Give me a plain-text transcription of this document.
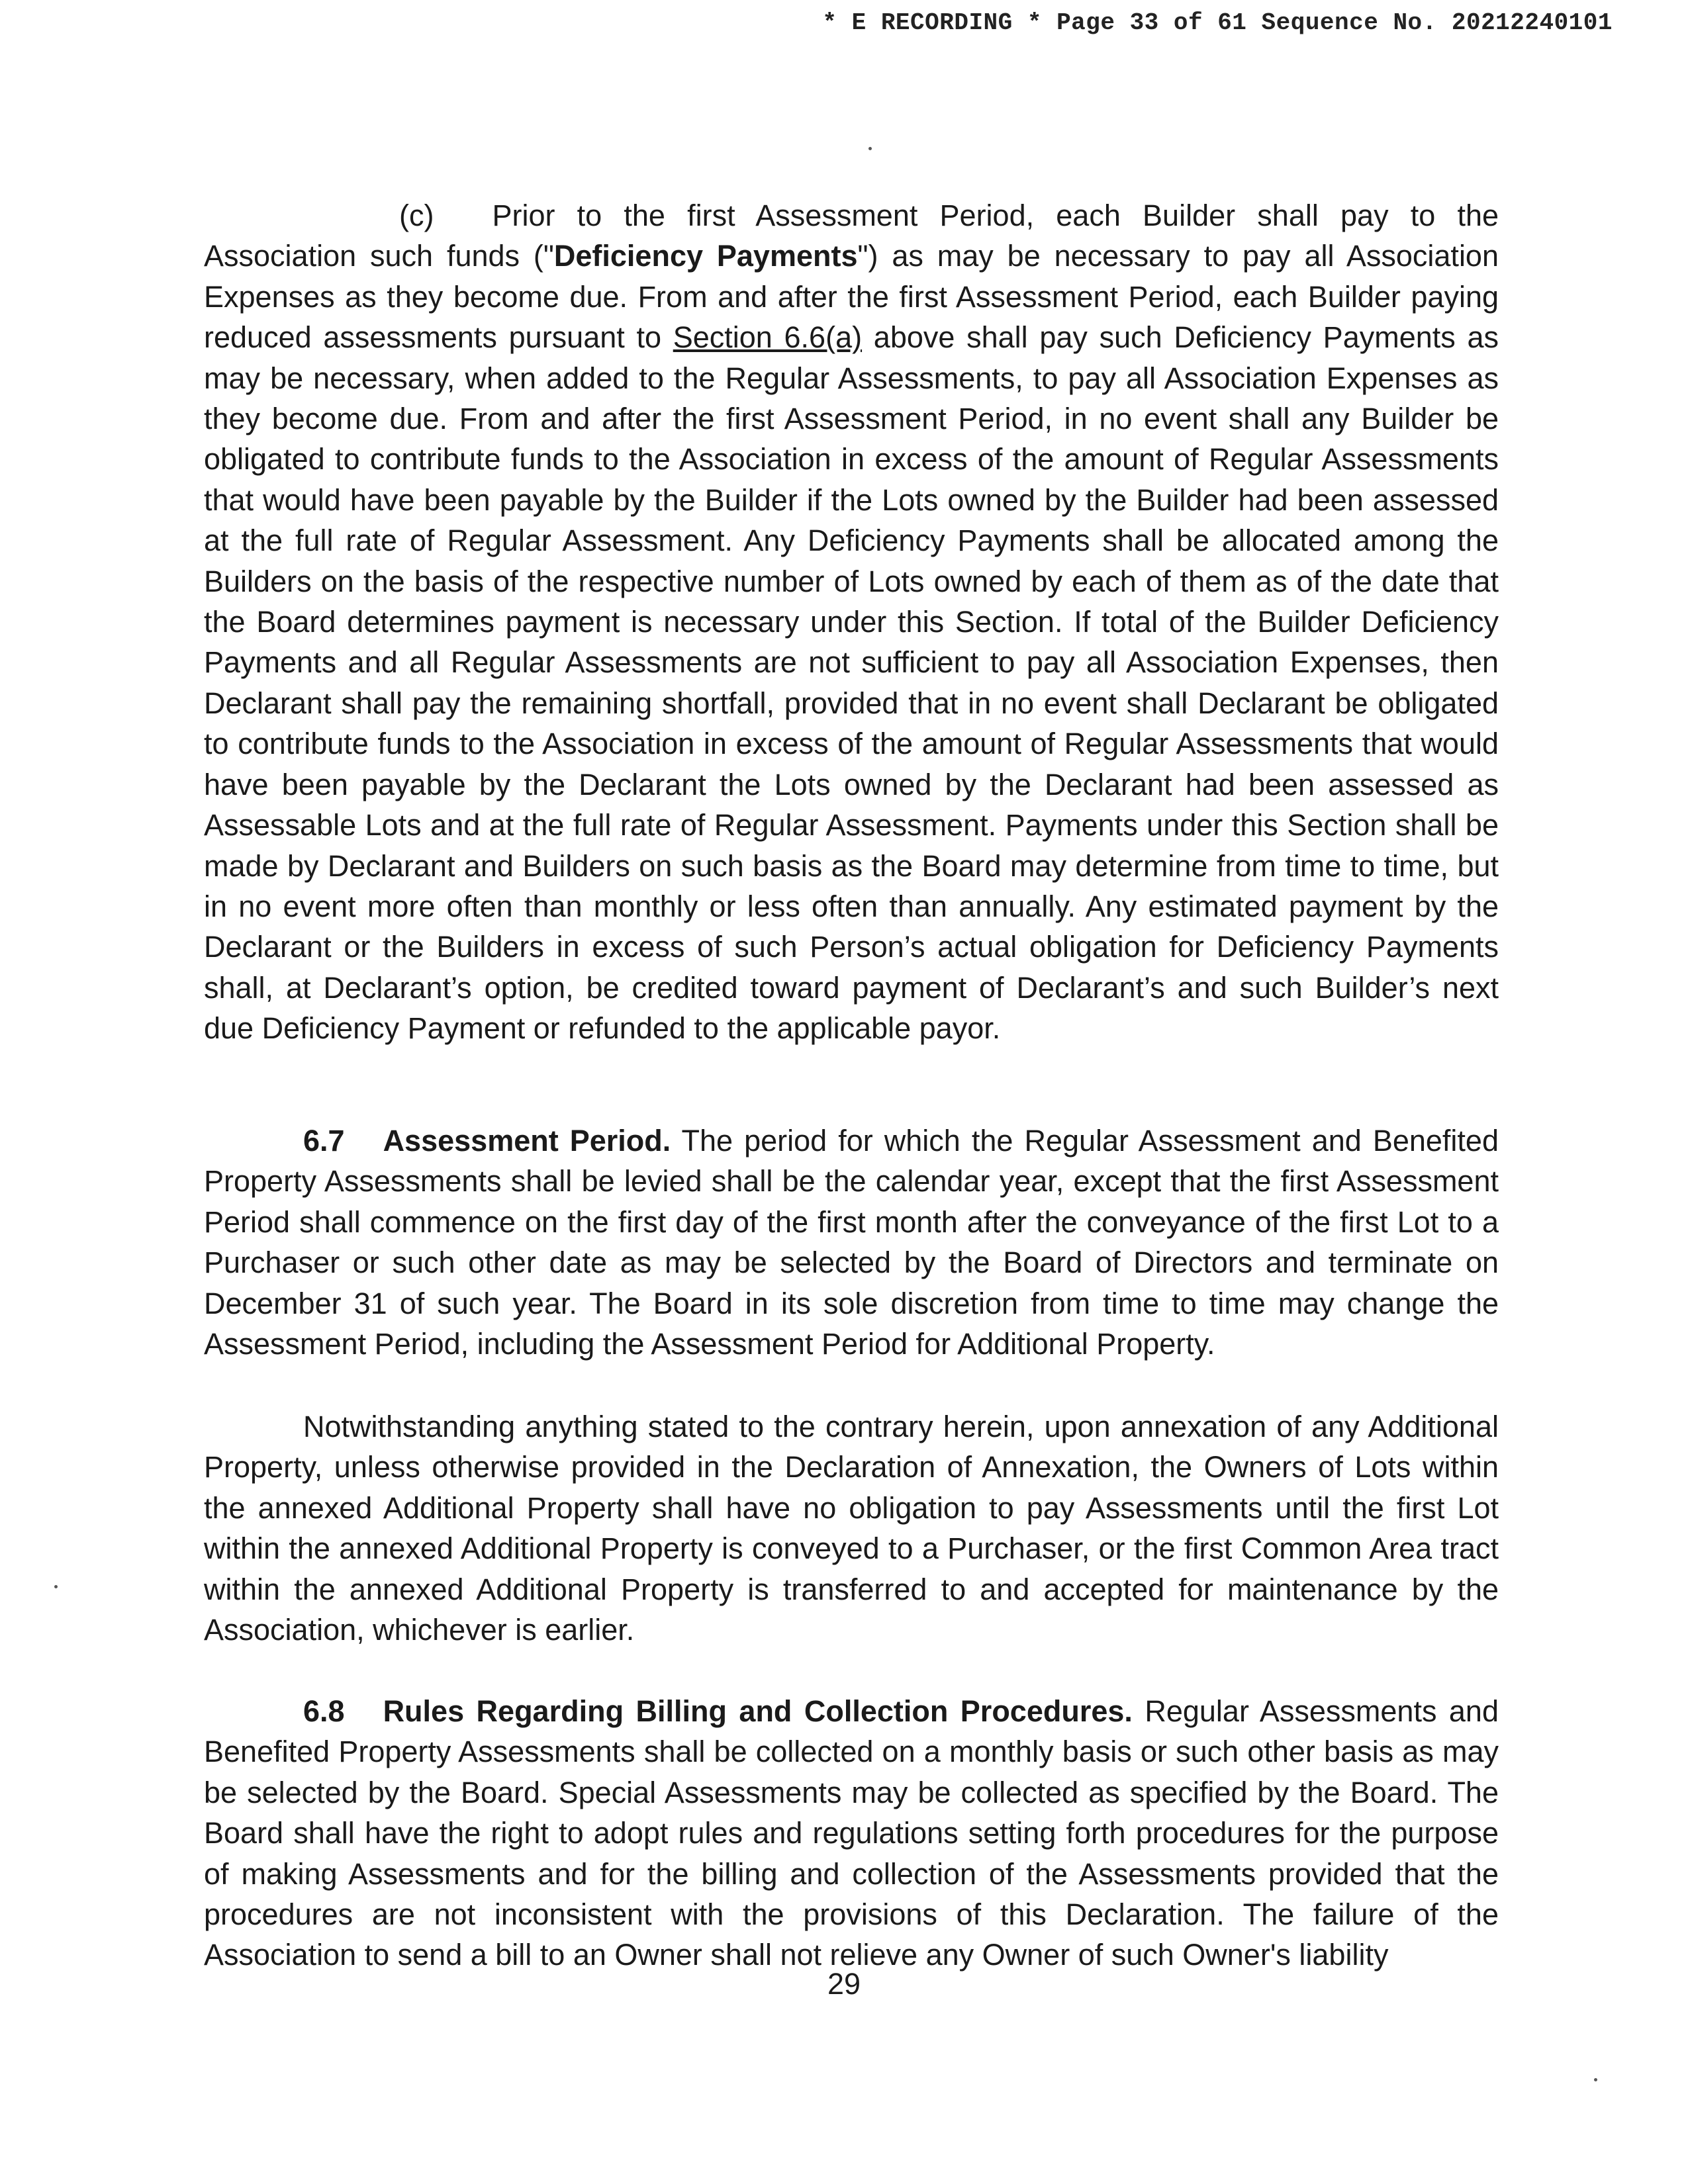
* E RECORDING * Page 33 of 61 Sequence No. 20212240101

(c) Prior to the first Assessment Period, each Builder shall pay to the Association such funds ("Deficiency Payments") as may be necessary to pay all Association Expenses as they become due. From and after the first Assessment Period, each Builder paying reduced assessments pursuant to Section 6.6(a) above shall pay such Deficiency Payments as may be necessary, when added to the Regular Assessments, to pay all Association Expenses as they become due. From and after the first Assessment Period, in no event shall any Builder be obligated to contribute funds to the Association in excess of the amount of Regular Assessments that would have been payable by the Builder if the Lots owned by the Builder had been assessed at the full rate of Regular Assessment. Any Deficiency Payments shall be allocated among the Builders on the basis of the respective number of Lots owned by each of them as of the date that the Board determines payment is necessary under this Section. If total of the Builder Deficiency Payments and all Regular Assessments are not sufficient to pay all Association Expenses, then Declarant shall pay the remaining shortfall, provided that in no event shall Declarant be obligated to contribute funds to the Association in excess of the amount of Regular Assessments that would have been payable by the Declarant the Lots owned by the Declarant had been assessed as Assessable Lots and at the full rate of Regular Assessment. Payments under this Section shall be made by Declarant and Builders on such basis as the Board may determine from time to time, but in no event more often than monthly or less often than annually. Any estimated payment by the Declarant or the Builders in excess of such Person’s actual obligation for Deficiency Payments shall, at Declarant’s option, be credited toward payment of Declarant’s and such Builder’s next due Deficiency Payment or refunded to the applicable payor.

6.7 Assessment Period. The period for which the Regular Assessment and Benefited Property Assessments shall be levied shall be the calendar year, except that the first Assessment Period shall commence on the first day of the first month after the conveyance of the first Lot to a Purchaser or such other date as may be selected by the Board of Directors and terminate on December 31 of such year. The Board in its sole discretion from time to time may change the Assessment Period, including the Assessment Period for Additional Property.

Notwithstanding anything stated to the contrary herein, upon annexation of any Additional Property, unless otherwise provided in the Declaration of Annexation, the Owners of Lots within the annexed Additional Property shall have no obligation to pay Assessments until the first Lot within the annexed Additional Property is conveyed to a Purchaser, or the first Common Area tract within the annexed Additional Property is transferred to and accepted for maintenance by the Association, whichever is earlier.

6.8 Rules Regarding Billing and Collection Procedures. Regular Assessments and Benefited Property Assessments shall be collected on a monthly basis or such other basis as may be selected by the Board. Special Assessments may be collected as specified by the Board. The Board shall have the right to adopt rules and regulations setting forth procedures for the purpose of making Assessments and for the billing and collection of the Assessments provided that the procedures are not inconsistent with the provisions of this Declaration. The failure of the Association to send a bill to an Owner shall not relieve any Owner of such Owner's liability

29
